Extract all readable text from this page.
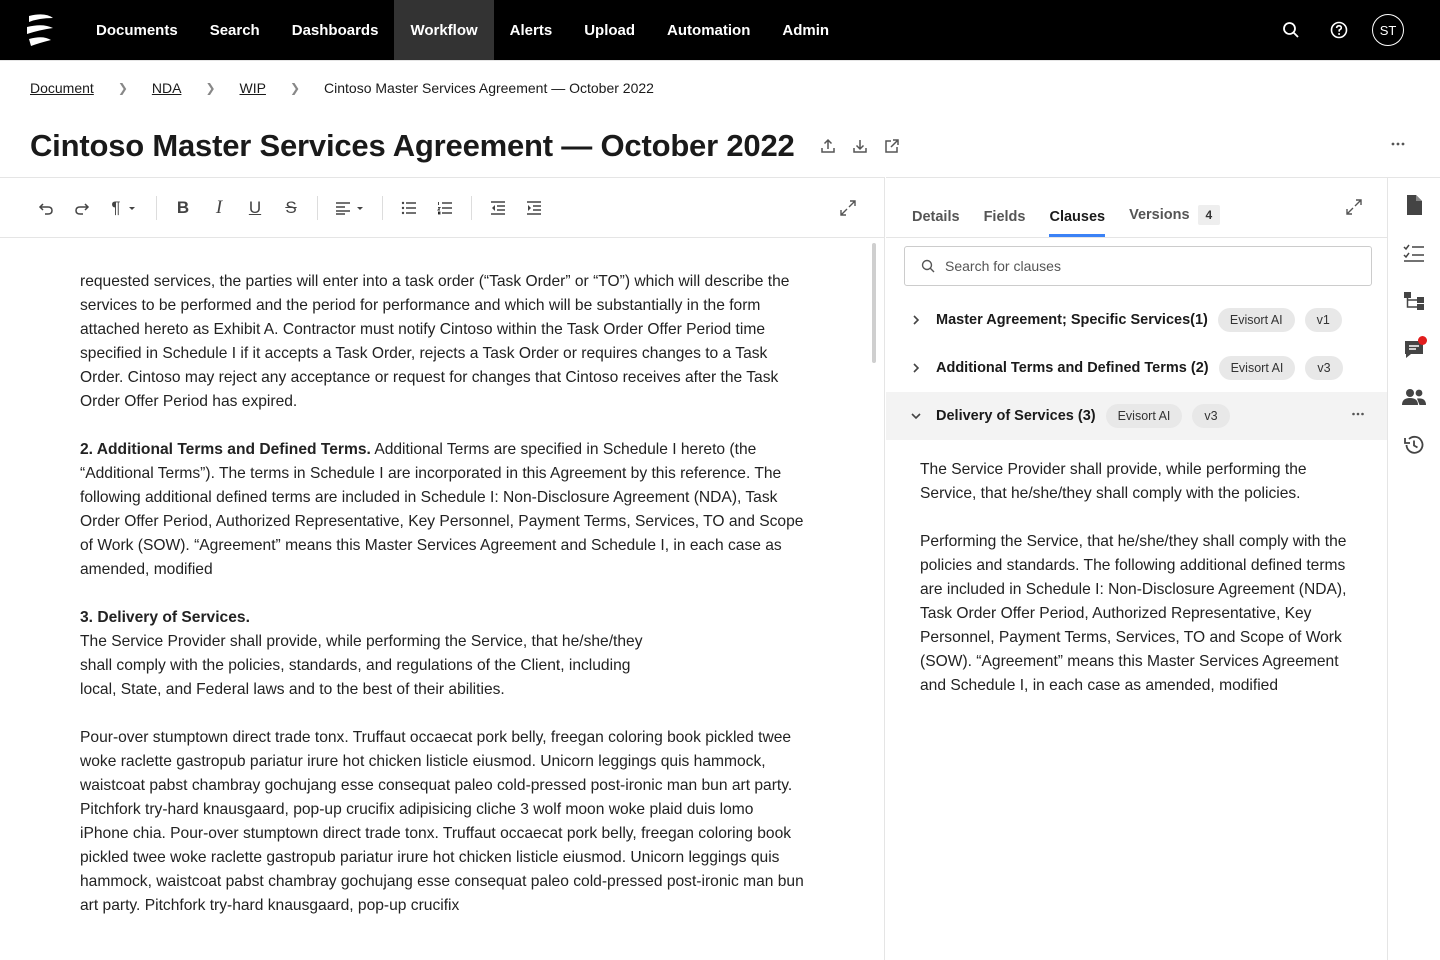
Documents	Search	Dashboards	Workflow	Alerts	Upload	Automation	Admin	ST
Document ❯ NDA ❯ WIP ❯ Cintoso Master Services Agreement — October 2022
Cintoso Master Services Agreement — October 2022
¶	B	I	U	S

requested services, the parties will enter into a task order (“Task Order” or “TO”) which will describe the services to be performed and the period for performance and which will be substantially in the form attached hereto as Exhibit A. Contractor must notify Cintoso within the Task Order Offer Period time specified in Schedule I if it accepts a Task Order, rejects a Task Order or requires changes to a Task Order. Cintoso may reject any acceptance or request for changes that Cintoso receives after the Task Order Offer Period has expired.

2. Additional Terms and Defined Terms. Additional Terms are specified in Schedule I hereto (the “Additional Terms”). The terms in Schedule I are incorporated in this Agreement by this reference. The following additional defined terms are included in Schedule I: Non-Disclosure Agreement (NDA), Task Order Offer Period, Authorized Representative, Key Personnel, Payment Terms, Services, TO and Scope of Work (SOW). “Agreement” means this Master Services Agreement and Schedule I, in each case as amended, modified

3. Delivery of Services.
The Service Provider shall provide, while performing the Service, that he/she/they shall comply with the policies, standards, and regulations of the Client, including local, State, and Federal laws and to the best of their abilities.

Pour-over stumptown direct trade tonx. Truffaut occaecat pork belly, freegan coloring book pickled twee woke raclette gastropub pariatur irure hot chicken listicle eiusmod. Unicorn leggings quis hammock, waistcoat pabst chambray gochujang esse consequat paleo cold-pressed post-ironic man bun art party. Pitchfork try-hard knausgaard, pop-up crucifix adipisicing cliche 3 wolf moon woke plaid duis lomo iPhone chia. Pour-over stumptown direct trade tonx. Truffaut occaecat pork belly, freegan coloring book pickled twee woke raclette gastropub pariatur irure hot chicken listicle eiusmod. Unicorn leggings quis hammock, waistcoat pabst chambray gochujang esse consequat paleo cold-pressed post-ironic man bun art party. Pitchfork try-hard knausgaard, pop-up crucifix

Details Fields Clauses Versions	4
Search for clauses
Master Agreement; Specific Services(1)	Evisort AI	v1
Additional Terms and Defined Terms (2)	Evisort AI	v3
Delivery of Services (3)	Evisort AI	v3

The Service Provider shall provide, while performing the Service, that he/she/they shall comply with the policies.

Performing the Service, that he/she/they shall comply with the policies and standards. The following additional defined terms are included in Schedule I: Non-Disclosure Agreement (NDA), Task Order Offer Period, Authorized Representative, Key Personnel, Payment Terms, Services, TO and Scope of Work (SOW). “Agreement” means this Master Services Agreement and Schedule I, in each case as amended, modified
